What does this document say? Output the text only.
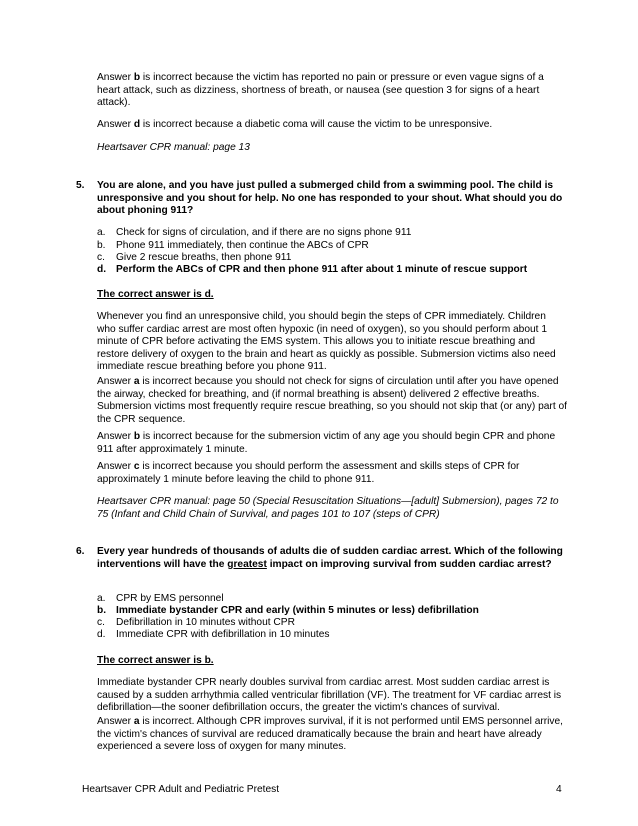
Answer b is incorrect because the victim has reported no pain or pressure or even vague signs of a heart attack, such as dizziness, shortness of breath, or nausea (see question 3 for signs of a heart attack).

Answer d is incorrect because a diabetic coma will cause the victim to be unresponsive.

Heartsaver CPR manual: page 13

5. You are alone, and you have just pulled a submerged child from a swimming pool. The child is unresponsive and you shout for help. No one has responded to your shout. What should you do about phoning 911?

a. Check for signs of circulation, and if there are no signs phone 911
b. Phone 911 immediately, then continue the ABCs of CPR
c. Give 2 rescue breaths, then phone 911
d. Perform the ABCs of CPR and then phone 911 after about 1 minute of rescue support
The correct answer is d.

Whenever you find an unresponsive child, you should begin the steps of CPR immediately. Children who suffer cardiac arrest are most often hypoxic (in need of oxygen), so you should perform about 1 minute of CPR before activating the EMS system. This allows you to initiate rescue breathing and restore delivery of oxygen to the brain and heart as quickly as possible. Submersion victims also need immediate rescue breathing before you phone 911.

Answer a is incorrect because you should not check for signs of circulation until after you have opened the airway, checked for breathing, and (if normal breathing is absent) delivered 2 effective breaths. Submersion victims most frequently require rescue breathing, so you should not skip that (or any) part of the CPR sequence.

Answer b is incorrect because for the submersion victim of any age you should begin CPR and phone 911 after approximately 1 minute.

Answer c is incorrect because you should perform the assessment and skills steps of CPR for approximately 1 minute before leaving the child to phone 911.

Heartsaver CPR manual: page 50 (Special Resuscitation Situations—[adult] Submersion), pages 72 to 75 (Infant and Child Chain of Survival, and pages 101 to 107 (steps of CPR)

6. Every year hundreds of thousands of adults die of sudden cardiac arrest. Which of the following interventions will have the greatest impact on improving survival from sudden cardiac arrest?

a. CPR by EMS personnel
b. Immediate bystander CPR and early (within 5 minutes or less) defibrillation
c. Defibrillation in 10 minutes without CPR
d. Immediate CPR with defibrillation in 10 minutes
The correct answer is b.

Immediate bystander CPR nearly doubles survival from cardiac arrest. Most sudden cardiac arrest is caused by a sudden arrhythmia called ventricular fibrillation (VF). The treatment for VF cardiac arrest is defibrillation—the sooner defibrillation occurs, the greater the victim's chances of survival.

Answer a is incorrect. Although CPR improves survival, if it is not performed until EMS personnel arrive, the victim's chances of survival are reduced dramatically because the brain and heart have already experienced a severe loss of oxygen for many minutes.

Heartsaver CPR Adult and Pediatric Pretest	4
